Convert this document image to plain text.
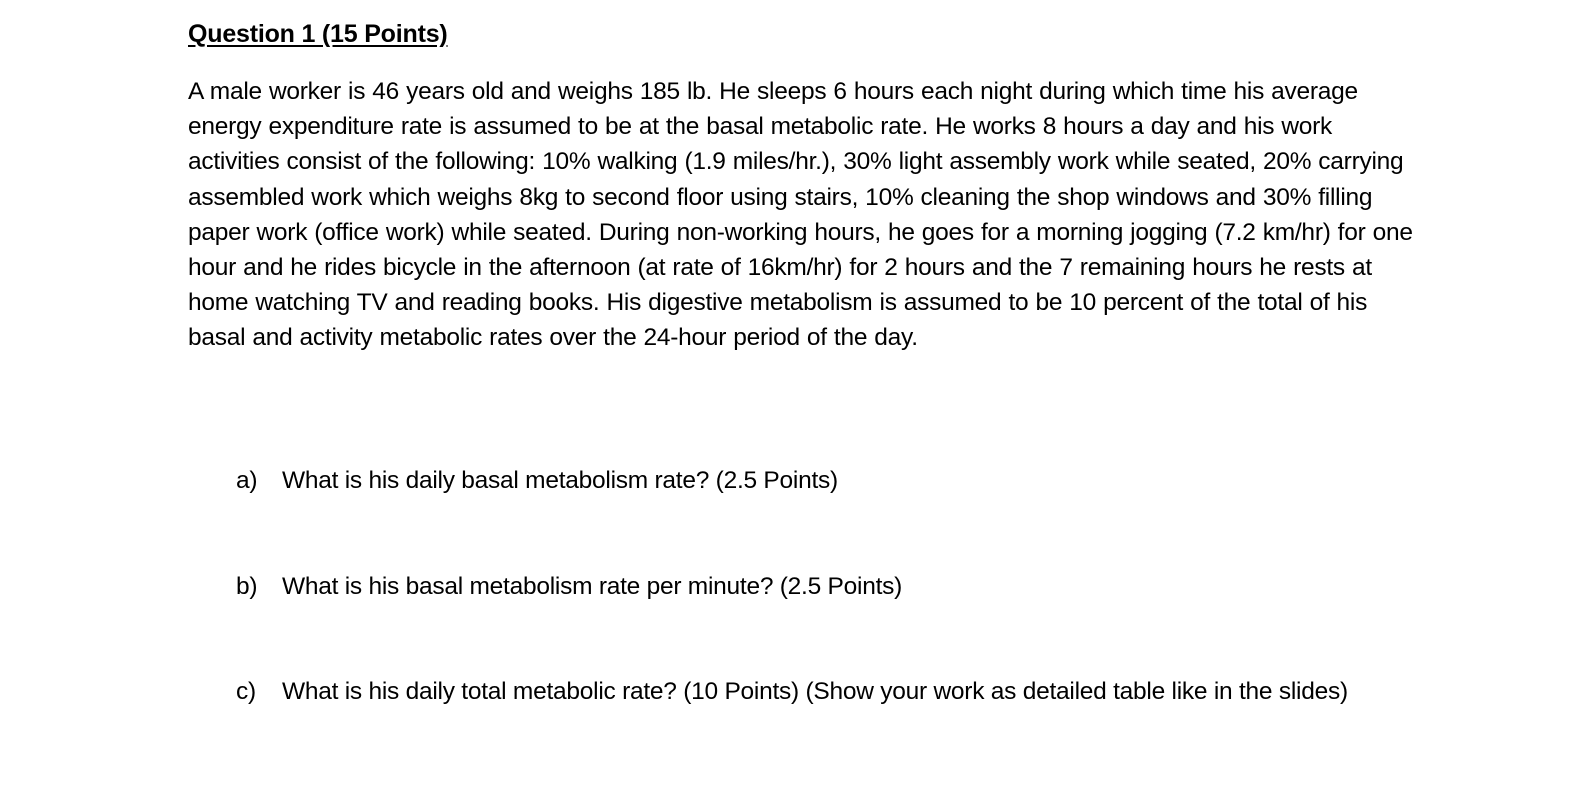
Question 1 (15 Points)

A male worker is 46 years old and weighs 185 lb. He sleeps 6 hours each night during which time his average energy expenditure rate is assumed to be at the basal metabolic rate. He works 8 hours a day and his work activities consist of the following: 10% walking (1.9 miles/hr.), 30% light assembly work while seated, 20% carrying assembled work which weighs 8kg to second floor using stairs, 10% cleaning the shop windows and 30% filling paper work (office work) while seated. During non-working hours, he goes for a morning jogging (7.2 km/hr) for one hour and he rides bicycle in the afternoon (at rate of 16km/hr) for 2 hours and the 7 remaining hours he rests at home watching TV and reading books. His digestive metabolism is assumed to be 10 percent of the total of his basal and activity metabolic rates over the 24-hour period of the day.

a)	What is his daily basal metabolism rate? (2.5 Points)
b)	What is his basal metabolism rate per minute? (2.5 Points)
c)	What is his daily total metabolic rate? (10 Points) (Show your work as detailed table like in the slides)
